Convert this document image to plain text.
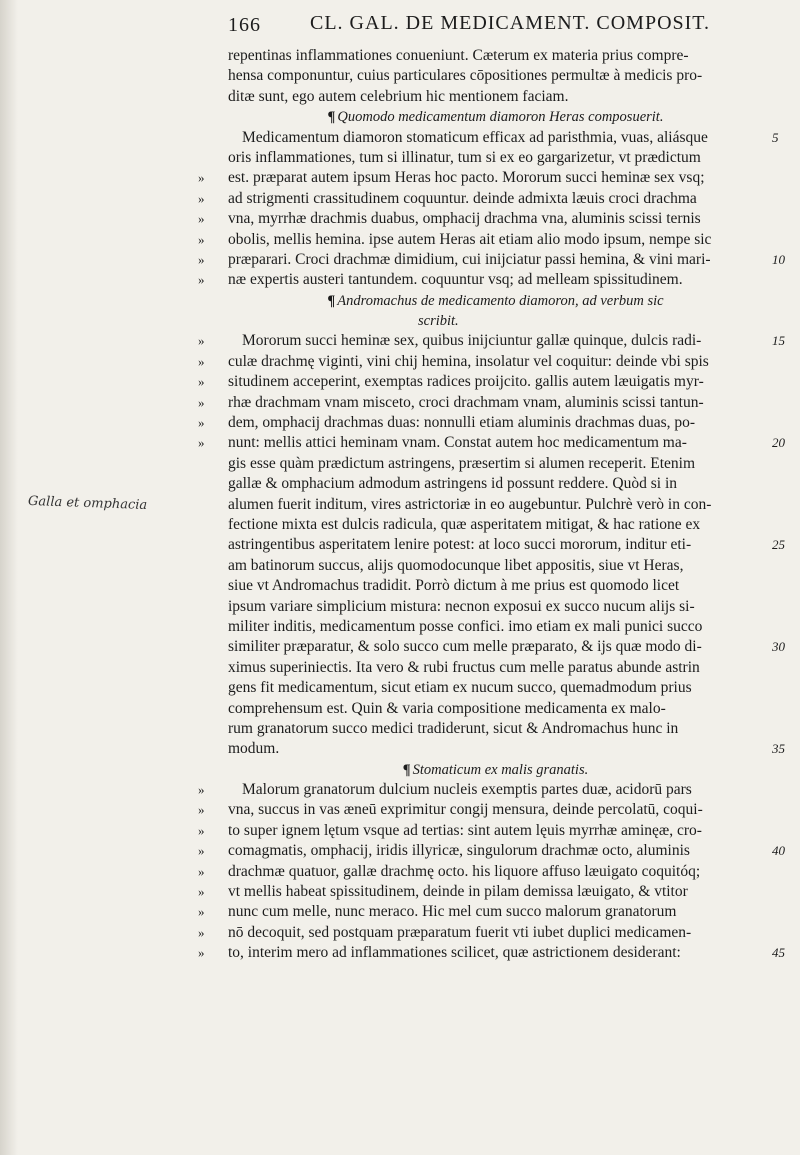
166 CL. GAL. DE MEDICAMENT. COMPOSIT.
Galla et omphacia
repentinas inflammationes conueniunt. Cæterum ex materia prius compre-
hensa componuntur, cuius particulares cōpositiones permultæ à medicis pro-
ditæ sunt, ego autem celebrium hic mentionem faciam.
¶ Quomodo medicamentum diamoron Heras composuerit.
Medicamentum diamoron stomaticum efficax ad paristhmia, vuas, aliásque	5
oris inflammationes, tum si illinatur, tum si ex eo gargarizetur, vt prædictum
» est. præparat autem ipsum Heras hoc pacto. Mororum succi heminæ sex vsq;
» ad strigmenti crassitudinem coquuntur. deinde admixta læuis croci drachma
» vna, myrrhæ drachmis duabus, omphacij drachma vna, aluminis scissi ternis
» obolis, mellis hemina. ipse autem Heras ait etiam alio modo ipsum, nempe sic
» præparari. Croci drachmæ dimidium, cui inijciatur passi hemina, & vini mari-	10
» næ expertis austeri tantundem. coquuntur vsq; ad melleam spissitudinem.
¶ Andromachus de medicamento diamoron, ad verbum sic
scribit.
» Mororum succi heminæ sex, quibus inijciuntur gallæ quinque, dulcis radi-	15
» culæ drachmę viginti, vini chij hemina, insolatur vel coquitur: deinde vbi spis
» situdinem acceperint, exemptas radices proijcito. gallis autem læuigatis myr-
» rhæ drachmam vnam misceto, croci drachmam vnam, aluminis scissi tantun-
» dem, omphacij drachmas duas: nonnulli etiam aluminis drachmas duas, po-
» nunt: mellis attici heminam vnam. Constat autem hoc medicamentum ma-	20
gis esse quàm prædictum astringens, præsertim si alumen receperit. Etenim
gallæ & omphacium admodum astringens id possunt reddere. Quòd si in
alumen fuerit inditum, vires astrictoriæ in eo augebuntur. Pulchrè verò in con-
fectione mixta est dulcis radicula, quæ asperitatem mitigat, & hac ratione ex
astringentibus asperitatem lenire potest: at loco succi mororum, inditur eti-	25
am batinorum succus, alijs quomodocunque libet appositis, siue vt Heras,
siue vt Andromachus tradidit. Porrò dictum à me prius est quomodo licet
ipsum variare simplicium mistura: necnon exposui ex succo nucum alijs si-
militer inditis, medicamentum posse confici. imo etiam ex mali punici succo
similiter præparatur, & solo succo cum melle præparato, & ijs quæ modo di-	30
ximus superiniectis. Ita vero & rubi fructus cum melle paratus abunde astrin
gens fit medicamentum, sicut etiam ex nucum succo, quemadmodum prius
comprehensum est. Quin & varia compositione medicamenta ex malo-
rum granatorum succo medici tradiderunt, sicut & Andromachus hunc in
modum.	35
¶ Stomaticum ex malis granatis.
» Malorum granatorum dulcium nucleis exemptis partes duæ, acidorū pars
» vna, succus in vas æneū exprimitur congij mensura, deinde percolatū, coqui-
» to super ignem lętum vsque ad tertias: sint autem lęuis myrrhæ aminęæ, cro-
» comagmatis, omphacij, iridis illyricæ, singulorum drachmæ octo, aluminis	40
» drachmæ quatuor, gallæ drachmę octo. his liquore affuso læuigato coquitóq;
» vt mellis habeat spissitudinem, deinde in pilam demissa læuigato, & vtitor
» nunc cum melle, nunc meraco. Hic mel cum succo malorum granatorum
» nō decoquit, sed postquam præparatum fuerit vti iubet duplici medicamen-
» to, interim mero ad inflammationes scilicet, quæ astrictionem desiderant:	45
